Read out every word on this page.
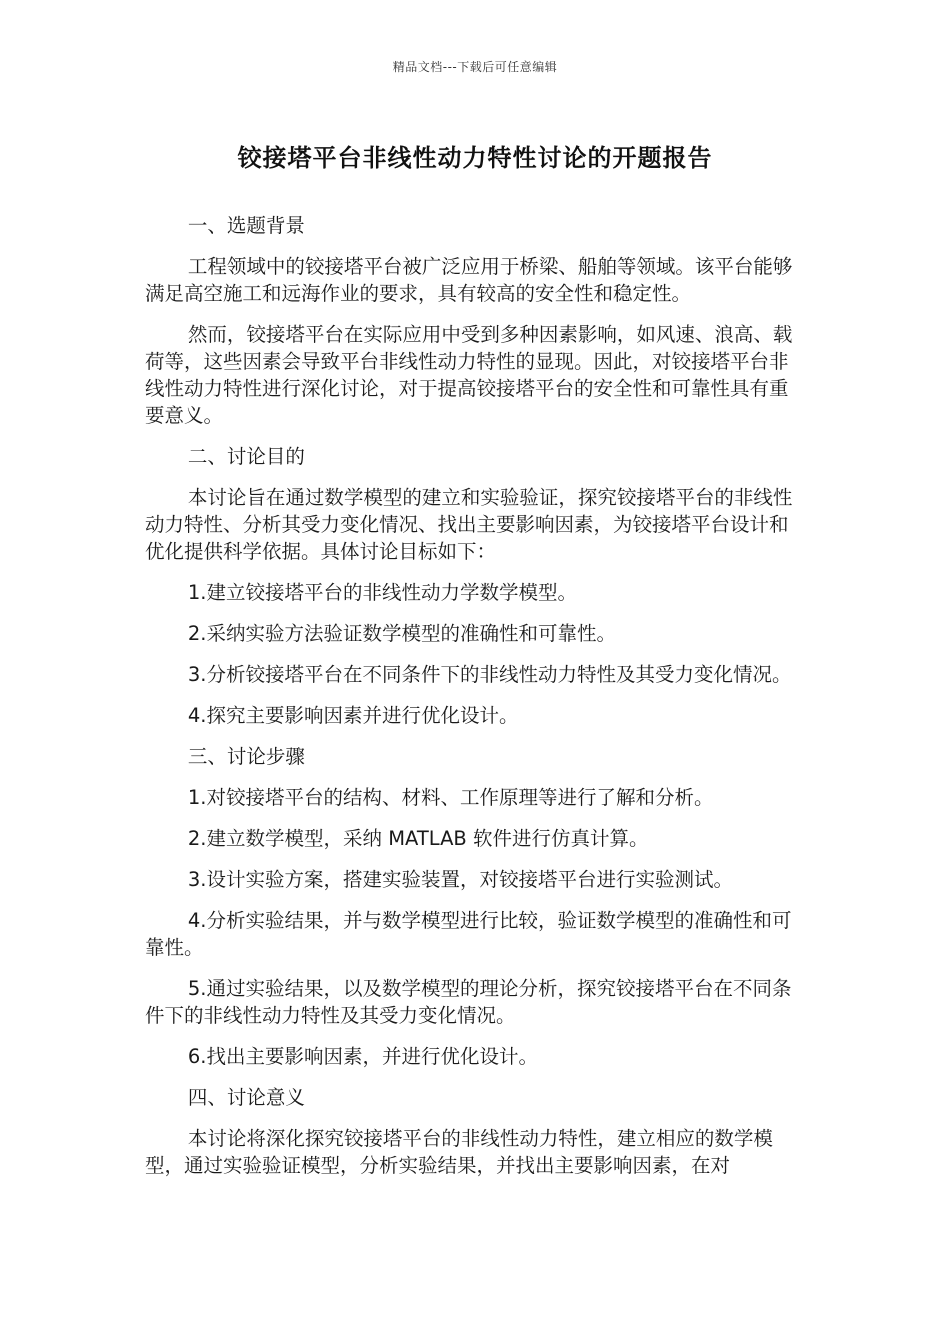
精品文档---下载后可任意编辑
铰接塔平台非线性动力特性讨论的开题报告

一、选题背景

工程领域中的铰接塔平台被广泛应用于桥梁、船舶等领域。该平台能够满足高空施工和远海作业的要求，具有较高的安全性和稳定性。

然而，铰接塔平台在实际应用中受到多种因素影响，如风速、浪高、载荷等，这些因素会导致平台非线性动力特性的显现。因此，对铰接塔平台非线性动力特性进行深化讨论，对于提高铰接塔平台的安全性和可靠性具有重要意义。

二、讨论目的

本讨论旨在通过数学模型的建立和实验验证，探究铰接塔平台的非线性动力特性、分析其受力变化情况、找出主要影响因素，为铰接塔平台设计和优化提供科学依据。具体讨论目标如下：

1.建立铰接塔平台的非线性动力学数学模型。

2.采纳实验方法验证数学模型的准确性和可靠性。

3.分析铰接塔平台在不同条件下的非线性动力特性及其受力变化情况。

4.探究主要影响因素并进行优化设计。

三、讨论步骤

1.对铰接塔平台的结构、材料、工作原理等进行了解和分析。

2.建立数学模型，采纳 MATLAB 软件进行仿真计算。

3.设计实验方案，搭建实验装置，对铰接塔平台进行实验测试。

4.分析实验结果，并与数学模型进行比较，验证数学模型的准确性和可靠性。

5.通过实验结果，以及数学模型的理论分析，探究铰接塔平台在不同条件下的非线性动力特性及其受力变化情况。

6.找出主要影响因素，并进行优化设计。

四、讨论意义

本讨论将深化探究铰接塔平台的非线性动力特性，建立相应的数学模型，通过实验验证模型，分析实验结果，并找出主要影响因素，在对
